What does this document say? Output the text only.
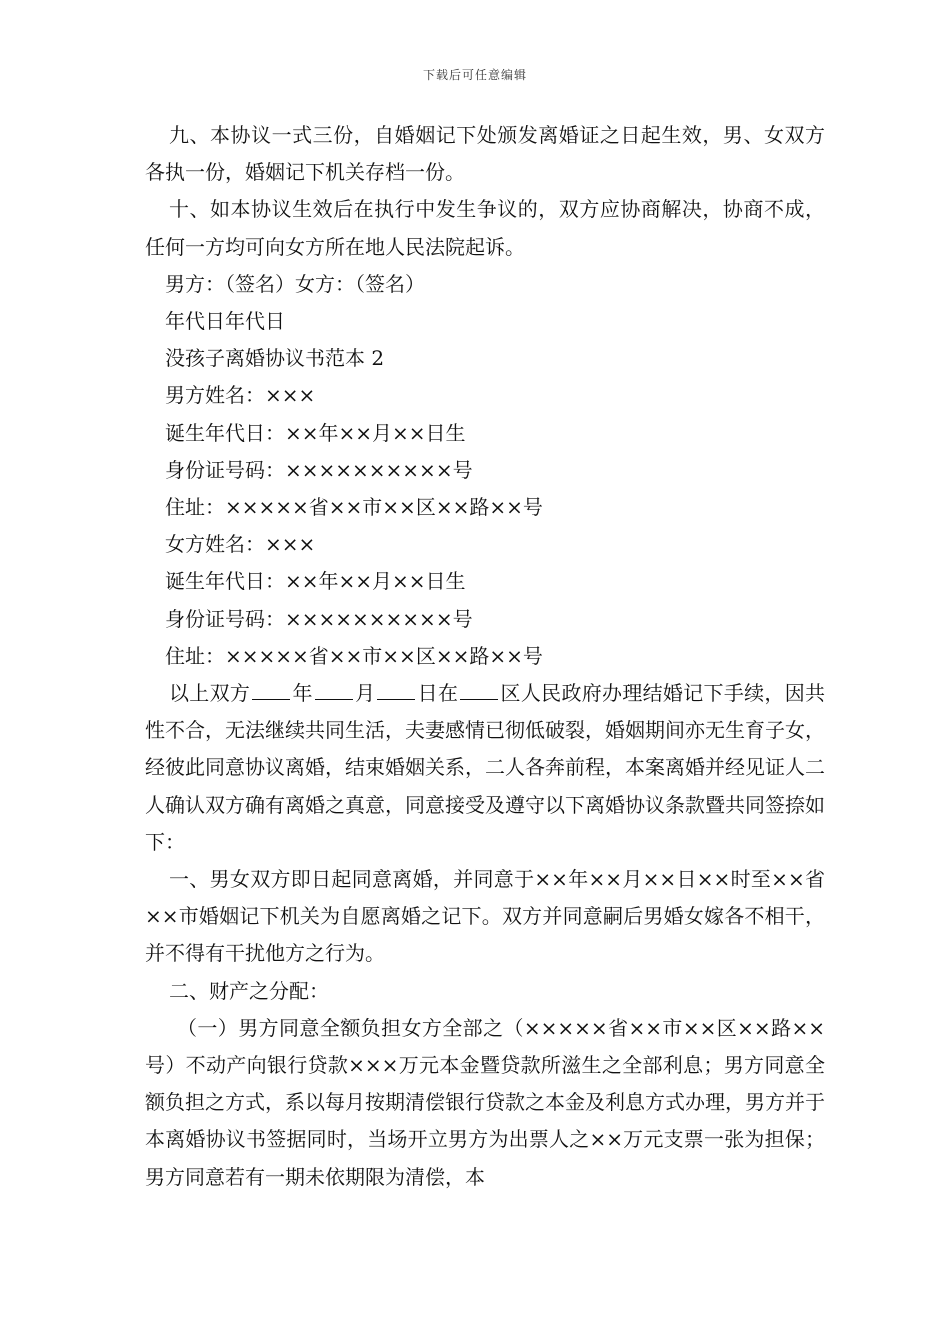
下载后可任意编辑

九、本协议一式三份，自婚姻记下处颁发离婚证之日起生效，男、女双方各执一份，婚姻记下机关存档一份。

十、如本协议生效后在执行中发生争议的，双方应协商解决，协商不成，任何一方均可向女方所在地人民法院起诉。

男方：（签名）女方：（签名）

年代日年代日

没孩子离婚协议书范本 2

男方姓名：×××

诞生年代日：××年××月××日生

身份证号码：××××××××××号

住址：×××××省××市××区××路××号

女方姓名：×××

诞生年代日：××年××月××日生

身份证号码：××××××××××号

住址：×××××省××市××区××路××号

以上双方 年 月 日在 区人民政府办理结婚记下手续，因共性不合，无法继续共同生活，夫妻感情已彻低破裂，婚姻期间亦无生育子女，经彼此同意协议离婚，结束婚姻关系，二人各奔前程，本案离婚并经见证人二人确认双方确有离婚之真意，同意接受及遵守以下离婚协议条款暨共同签捺如下：

一、男女双方即日起同意离婚，并同意于××年××月××日××时至××省××市婚姻记下机关为自愿离婚之记下。双方并同意嗣后男婚女嫁各不相干，并不得有干扰他方之行为。

二、财产之分配：

（一）男方同意全额负担女方全部之（×××××省××市××区××路××号）不动产向银行贷款×××万元本金暨贷款所滋生之全部利息；男方同意全额负担之方式，系以每月按期清偿银行贷款之本金及利息方式办理，男方并于本离婚协议书签据同时，当场开立男方为出票人之××万元支票一张为担保；男方同意若有一期未依期限为清偿，本
